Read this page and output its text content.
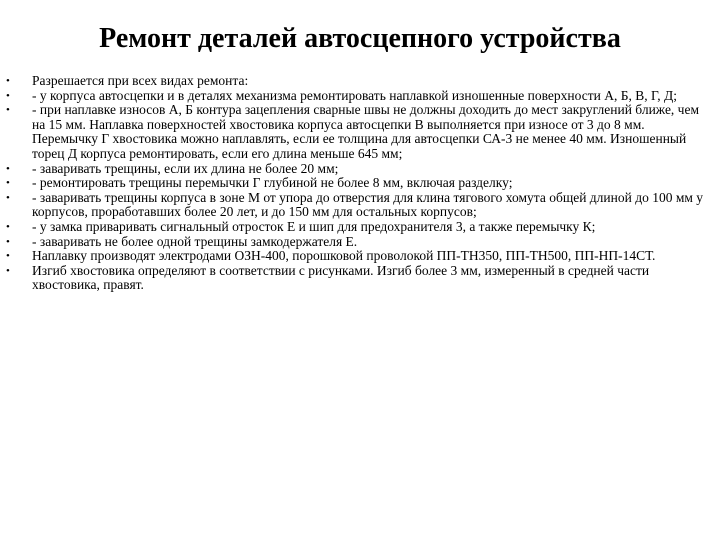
Ремонт деталей автосцепного устройства
• Разрешается при всех видах ремонта:
• - у корпуса автосцепки и в деталях механизма ремонтировать наплавкой изношенные поверхности А, Б, В, Г, Д;
• - при наплавке износов А, Б контура зацепления сварные швы не должны доходить до мест закруглений ближе, чем на 15 мм. Наплавка поверхностей хвостовика корпуса автосцепки В выполняется при износе от 3 до 8 мм. Перемычку Г хвостовика можно наплавлять, если ее толщина для автосцепки СА-3 не менее 40 мм. Изношенный торец Д корпуса ремонтировать, если его длина меньше 645 мм;
• - заваривать трещины, если их длина не более 20 мм;
• - ремонтировать трещины перемычки Г глубиной не более 8 мм, включая разделку;
• - заваривать трещины корпуса в зоне М от упора до отверстия для клина тягового хомута общей длиной до 100 мм у корпусов, проработавших более 20 лет, и до 150 мм для остальных корпусов;
• - у замка приваривать сигнальный отросток Е и шип для предохранителя 3, а также перемычку К;
• - заваривать не более одной трещины замкодержателя Е.
• Наплавку производят электродами ОЗН-400, порошковой проволокой ПП-ТН350, ПП-ТН500, ПП-НП-14СТ.
• Изгиб хвостовика определяют в соответствии с рисунками. Изгиб более 3 мм, измеренный в средней части хвостовика, правят.
